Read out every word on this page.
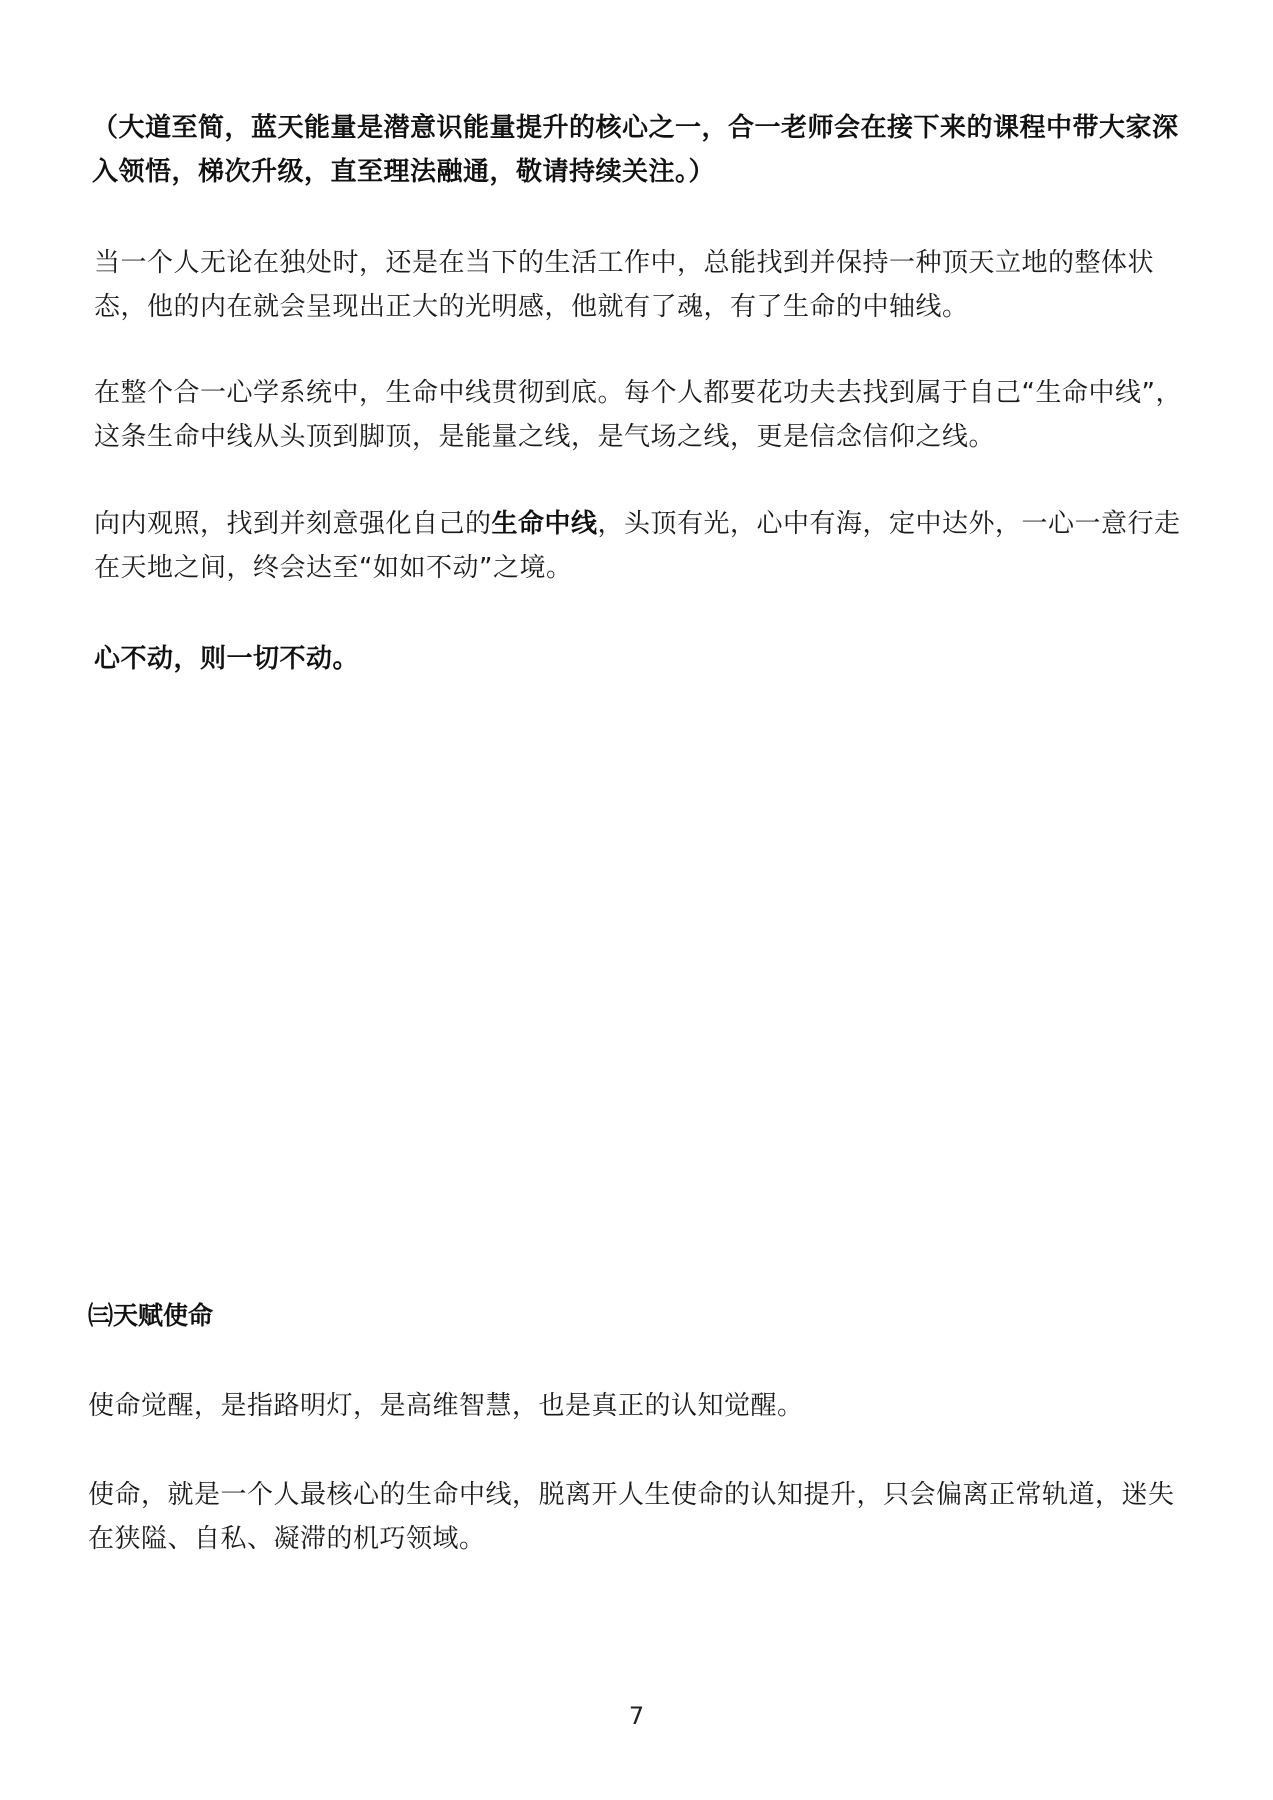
（大道至简，蓝天能量是潜意识能量提升的核心之一，合一老师会在接下来的课程中带大家深入领悟，梯次升级，直至理法融通，敬请持续关注。）

当一个人无论在独处时，还是在当下的生活工作中，总能找到并保持一种顶天立地的整体状态，他的内在就会呈现出正大的光明感，他就有了魂，有了生命的中轴线。

在整个合一心学系统中，生命中线贯彻到底。每个人都要花功夫去找到属于自己“生命中线”，这条生命中线从头顶到脚顶，是能量之线，是气场之线，更是信念信仰之线。

向内观照，找到并刻意强化自己的生命中线，头顶有光，心中有海，定中达外，一心一意行走在天地之间，终会达至“如如不动”之境。

心不动，则一切不动。

㈢天赋使命

使命觉醒，是指路明灯，是高维智慧，也是真正的认知觉醒。

使命，就是一个人最核心的生命中线，脱离开人生使命的认知提升，只会偏离正常轨道，迷失在狭隘、自私、凝滞的机巧领域。

7
